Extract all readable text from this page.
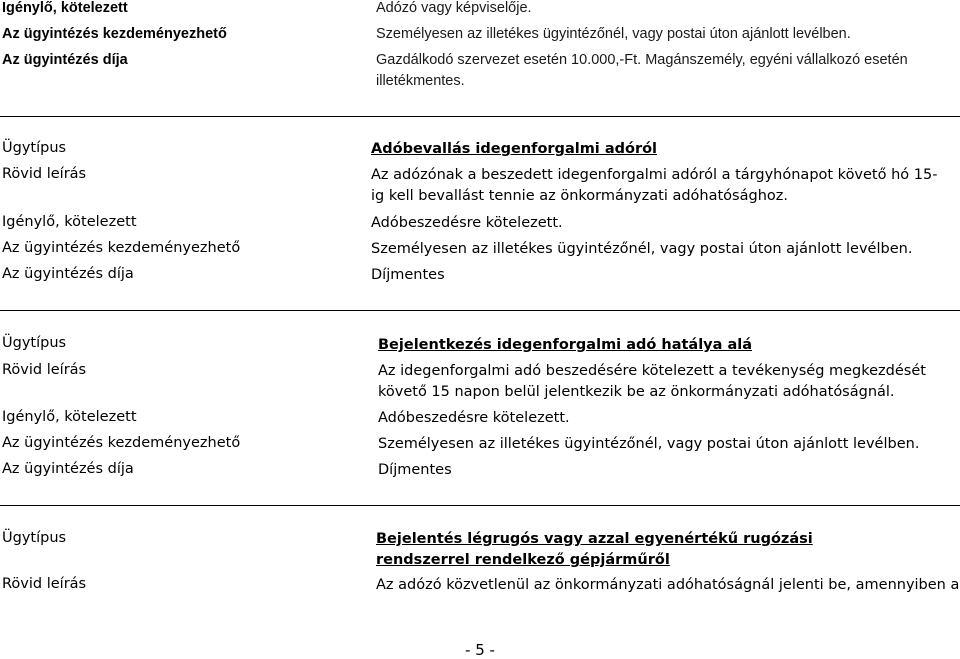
Igénylő, kötelezett	Adózó vagy képviselője.
Az ügyintézés kezdeményezhető	Személyesen az illetékes ügyintézőnél, vagy postai úton ajánlott levélben.
Az ügyintézés díja	Gazdálkodó szervezet esetén 10.000,-Ft. Magánszemély, egyéni vállalkozó esetén illetékmentes.
Ügytípus	Adóbevallás idegenforgalmi adóról
Rövid leírás	Az adózónak a beszedett idegenforgalmi adóról a tárgyhónapot követő hó 15-ig kell bevallást tennie az önkormányzati adóhatósághoz.
Igénylő, kötelezett	Adóbeszedésre kötelezett.
Az ügyintézés kezdeményezhető	Személyesen az illetékes ügyintézőnél, vagy postai úton ajánlott levélben.
Az ügyintézés díja	Díjmentes
Ügytípus	Bejelentkezés idegenforgalmi adó hatálya alá
Rövid leírás	Az idegenforgalmi adó beszedésére kötelezett a tevékenység megkezdését követő 15 napon belül jelentkezik be az önkormányzati adóhatóságnál.
Igénylő, kötelezett	Adóbeszedésre kötelezett.
Az ügyintézés kezdeményezhető	Személyesen az illetékes ügyintézőnél, vagy postai úton ajánlott levélben.
Az ügyintézés díja	Díjmentes
Ügytípus	Bejelentés légrugós vagy azzal egyenértékű rugózási rendszerrel rendelkező gépjárműről
Rövid leírás	Az adózó közvetlenül az önkormányzati adóhatóságnál jelenti be, amennyiben a
- 5 -
